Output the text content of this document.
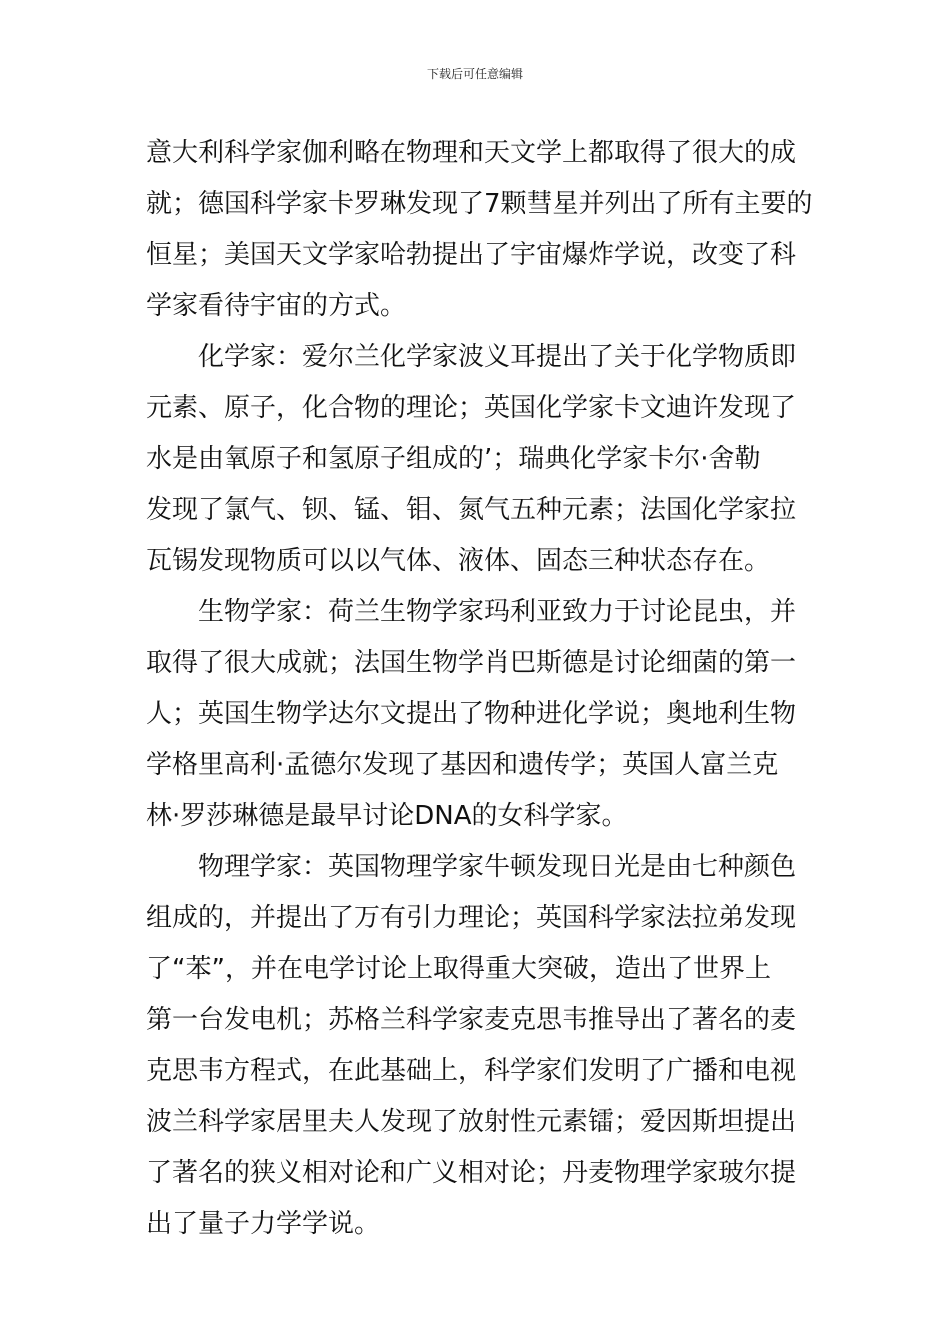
下载后可任意编辑

意大利科学家伽利略在物理和天文学上都取得了很大的成
就；德国科学家卡罗琳发现了7颗彗星并列出了所有主要的
恒星；美国天文学家哈勃提出了宇宙爆炸学说，改变了科
学家看待宇宙的方式。

化学家：爱尔兰化学家波义耳提出了关于化学物质即
元素、原子，化合物的理论；英国化学家卡文迪许发现了
水是由氧原子和氢原子组成的’；瑞典化学家卡尔·舍勒
发现了氯气、钡、锰、钼、氮气五种元素；法国化学家拉
瓦锡发现物质可以以气体、液体、固态三种状态存在。

生物学家：荷兰生物学家玛利亚致力于讨论昆虫，并
取得了很大成就；法国生物学肖巴斯德是讨论细菌的第一
人；英国生物学达尔文提出了物种进化学说；奥地利生物
学格里高利·孟德尔发现了基因和遗传学；英国人富兰克
林·罗莎琳德是最早讨论DNA的女科学家。

物理学家：英国物理学家牛顿发现日光是由七种颜色
组成的，并提出了万有引力理论；英国科学家法拉弟发现
了“苯”，并在电学讨论上取得重大突破，造出了世界上
第一台发电机；苏格兰科学家麦克思韦推导出了著名的麦
克思韦方程式，在此基础上，科学家们发明了广播和电视
波兰科学家居里夫人发现了放射性元素镭；爱因斯坦提出
了著名的狭义相对论和广义相对论；丹麦物理学家玻尔提
出了量子力学学说。
